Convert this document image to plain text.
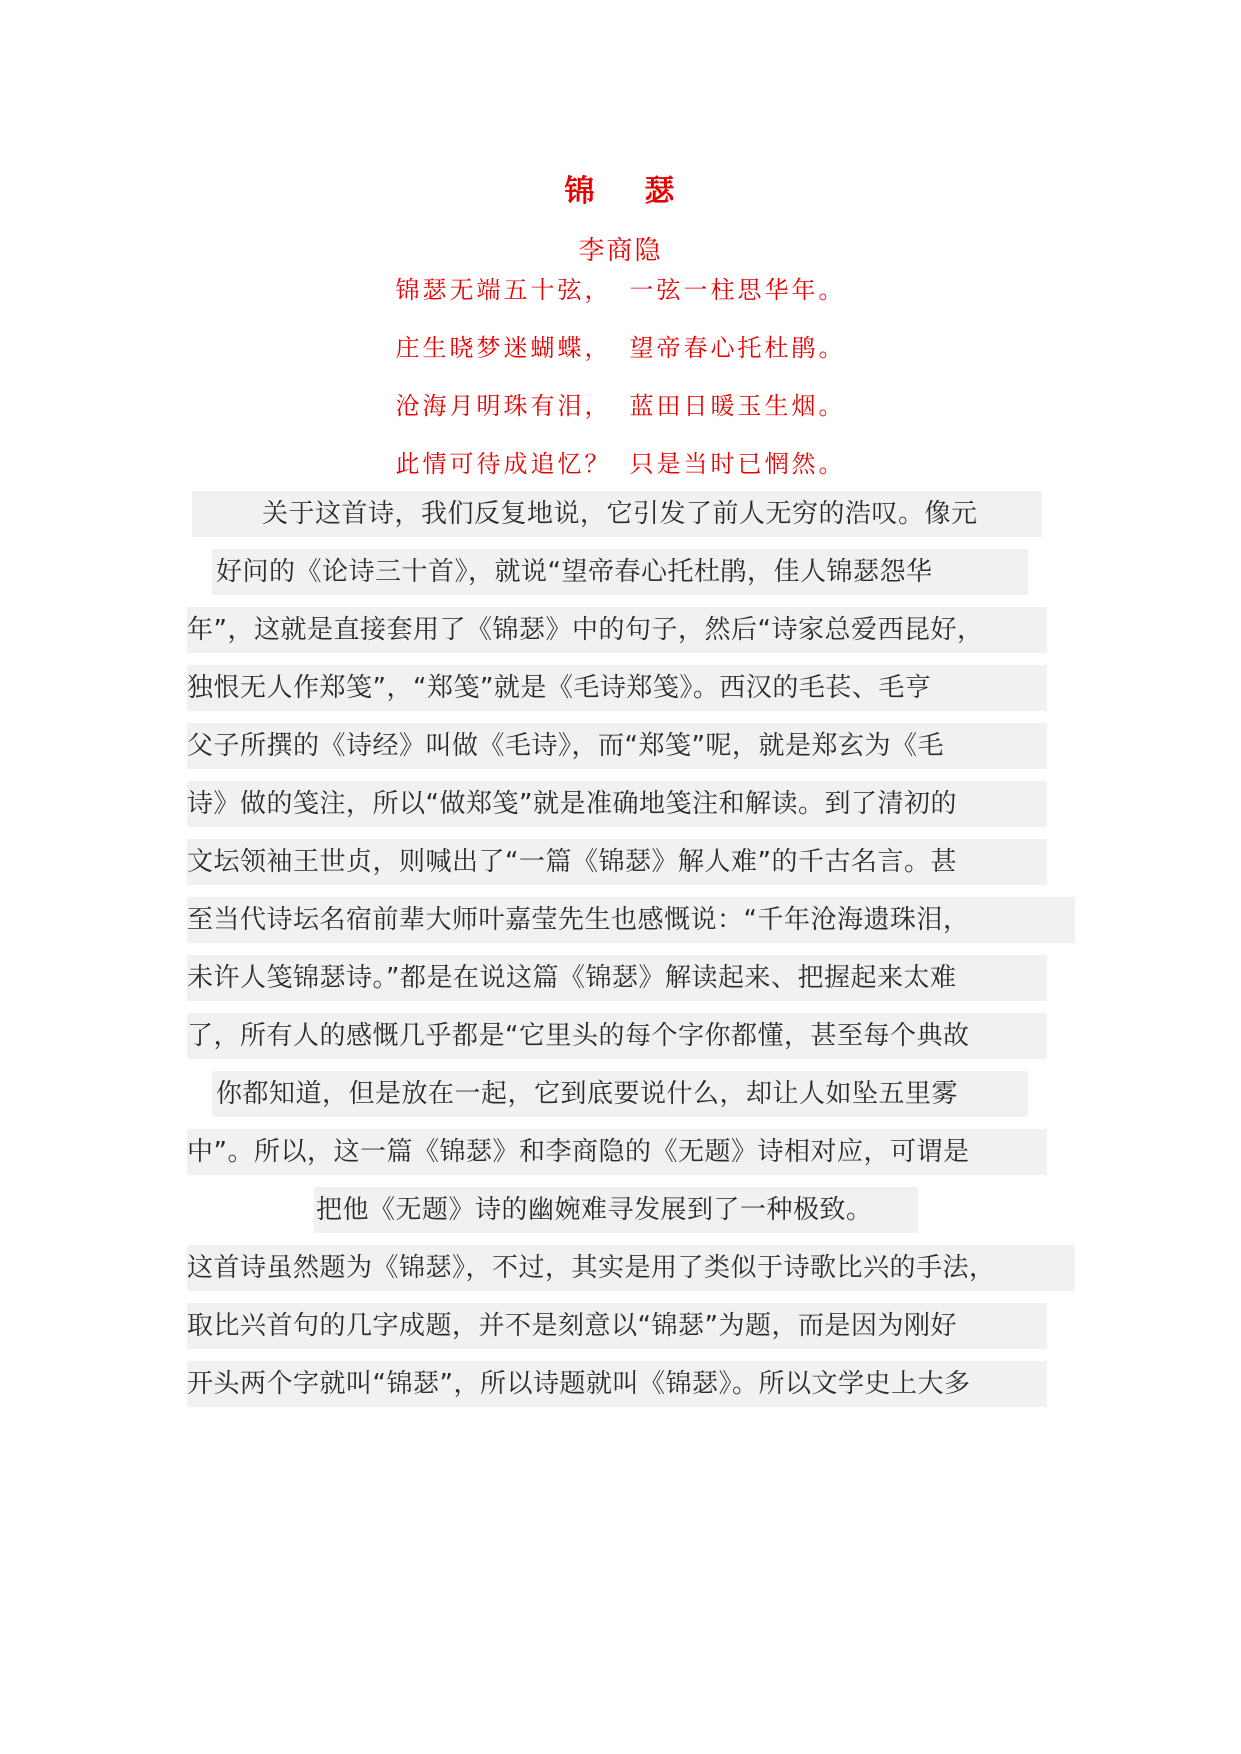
锦 瑟
李商隐
锦瑟无端五十弦， 一弦一柱思华年。
庄生晓梦迷蝴蝶， 望帝春心托杜鹃。
沧海月明珠有泪， 蓝田日暖玉生烟。
此情可待成追忆？ 只是当时已惘然。
关于这首诗，我们反复地说，它引发了前人无穷的浩叹。像元
好问的《论诗三十首》，就说“望帝春心托杜鹃，佳人锦瑟怨华
年”，这就是直接套用了《锦瑟》中的句子，然后“诗家总爱西昆好，
独恨无人作郑笺”，“郑笺”就是《毛诗郑笺》。西汉的毛苌、毛亨
父子所撰的《诗经》叫做《毛诗》，而“郑笺”呢，就是郑玄为《毛
诗》做的笺注，所以“做郑笺”就是准确地笺注和解读。到了清初的
文坛领袖王世贞，则喊出了“一篇《锦瑟》解人难”的千古名言。甚
至当代诗坛名宿前辈大师叶嘉莹先生也感慨说：“千年沧海遗珠泪，
未许人笺锦瑟诗。”都是在说这篇《锦瑟》解读起来、把握起来太难
了，所有人的感慨几乎都是“它里头的每个字你都懂，甚至每个典故
你都知道，但是放在一起，它到底要说什么，却让人如坠五里雾
中”。所以，这一篇《锦瑟》和李商隐的《无题》诗相对应，可谓是
把他《无题》诗的幽婉难寻发展到了一种极致。
这首诗虽然题为《锦瑟》，不过，其实是用了类似于诗歌比兴的手法，
取比兴首句的几字成题，并不是刻意以“锦瑟”为题，而是因为刚好
开头两个字就叫“锦瑟”，所以诗题就叫《锦瑟》。所以文学史上大多
